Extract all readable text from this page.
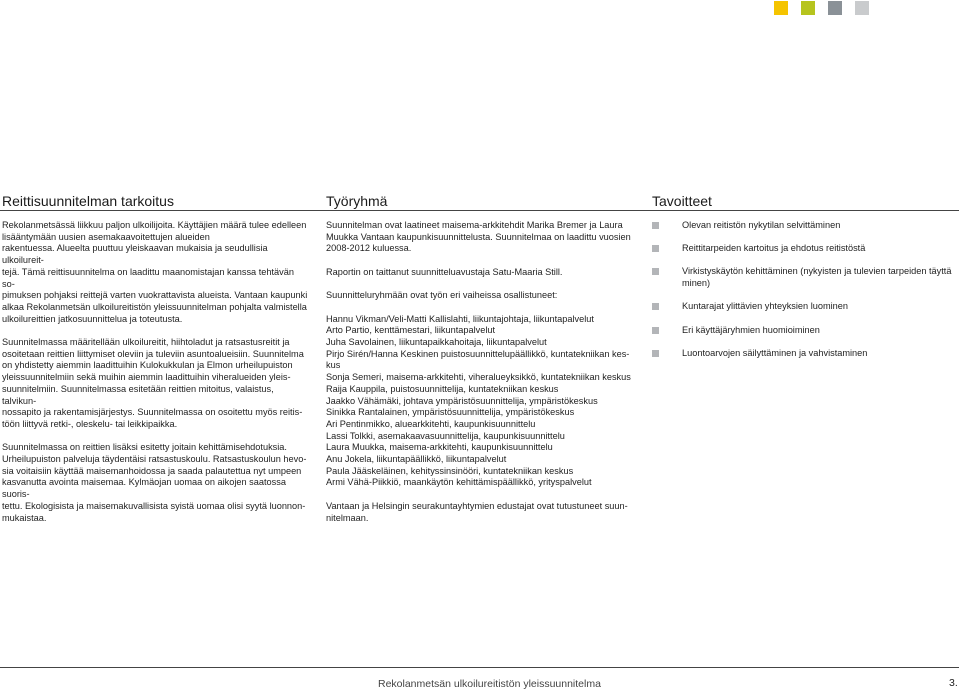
Reittisuunnitelman tarkoitus

Rekolanmetsässä liikkuu paljon ulkoilijoita. Käyttäjien määrä tulee edelleen
lisääntymään uusien asemakaavoitettujen alueiden
rakentuessa. Alueelta puuttuu yleiskaavan mukaisia ja seudullisia ulkoilureit-
tejä. Tämä reittisuunnitelma on laadittu maanomistajan kanssa tehtävän so-
pimuksen pohjaksi reittejä varten vuokrattavista alueista. Vantaan kaupunki
alkaa Rekolanmetsän ulkoilureitistön yleissuunnitelman pohjalta valmistella
ulkoilureittien jatkosuunnittelua ja toteutusta.

Suunnitelmassa määritellään ulkoilureitit, hiihtoladut ja ratsastusreitit ja
osoitetaan reittien liittymiset oleviin ja tuleviin asuntoalueisiin. Suunnitelma
on yhdistetty aiemmin laadittuihin Kulokukkulan ja Elmon urheilupuiston
yleissuunnitelmiin sekä muihin aiemmin laadittuihin viheralueiden yleis-
suunnitelmiin. Suunnitelmassa esitetään reittien mitoitus, valaistus, talvikun-
nossapito ja rakentamisjärjestys. Suunnitelmassa on osoitettu myös reitis-
töön liittyvä retki-, oleskelu- tai leikkipaikka.

Suunnitelmassa on reittien lisäksi esitetty joitain kehittämisehdotuksia.
Urheilupuiston palveluja täydentäisi ratsastuskoulu. Ratsastuskoulun hevo-
sia voitaisiin käyttää maisemanhoidossa ja saada palautettua nyt umpeen
kasvanutta avointa maisemaa. Kylmäojan uomaa on aikojen saatossa suoris-
tettu. Ekologisista ja maisemakuvallisista syistä uomaa olisi syytä luonnon-
mukaistaa.

Työryhmä

Suunnitelman ovat laatineet maisema-arkkitehdit Marika Bremer ja Laura
Muukka Vantaan kaupunkisuunnittelusta. Suunnitelmaa on laadittu vuosien
2008-2012 kuluessa.

Raportin on taittanut suunnitteluavustaja Satu-Maaria Still.

Suunnitteluryhmään ovat työn eri vaiheissa osallistuneet:

Hannu Vikman/Veli-Matti Kallislahti, liikuntajohtaja, liikuntapalvelut
Arto Partio, kenttämestari, liikuntapalvelut
Juha Savolainen, liikuntapaikkahoitaja, liikuntapalvelut
Pirjo Sirén/Hanna Keskinen puistosuunnittelupäällikkö, kuntatekniikan kes-
kus
Sonja Semeri, maisema-arkkitehti, viheralueyksikkö, kuntatekniikan keskus
Raija Kauppila, puistosuunnittelija, kuntatekniikan keskus
Jaakko Vähämäki, johtava ympäristösuunnittelija, ympäristökeskus
Sinikka Rantalainen, ympäristösuunnittelija, ympäristökeskus
Ari Pentinmikko, aluearkkitehti, kaupunkisuunnittelu
Lassi Tolkki, asemakaavasuunnittelija, kaupunkisuunnittelu
Laura Muukka, maisema-arkkitehti, kaupunkisuunnittelu
Anu Jokela, liikuntapäällikkö, liikuntapalvelut
Paula Jääskeläinen, kehityssinsinööri, kuntatekniikan keskus
Armi Vähä-Piikkiö, maankäytön kehittämispäällikkö, yrityspalvelut

Vantaan ja Helsingin seurakuntayhtymien edustajat ovat tutustuneet suun-
nitelmaan.

Tavoitteet
Olevan reitistön nykytilan selvittäminen
Reittitarpeiden kartoitus ja ehdotus reitistöstä
Virkistyskäytön kehittäminen (nykyisten ja tulevien tarpeiden täyttä
minen)
Kuntarajat ylittävien yhteyksien luominen
Eri käyttäjäryhmien huomioiminen
Luontoarvojen säilyttäminen ja vahvistaminen
Rekolanmetsän ulkoilureitistön yleissuunnitelma	3.
